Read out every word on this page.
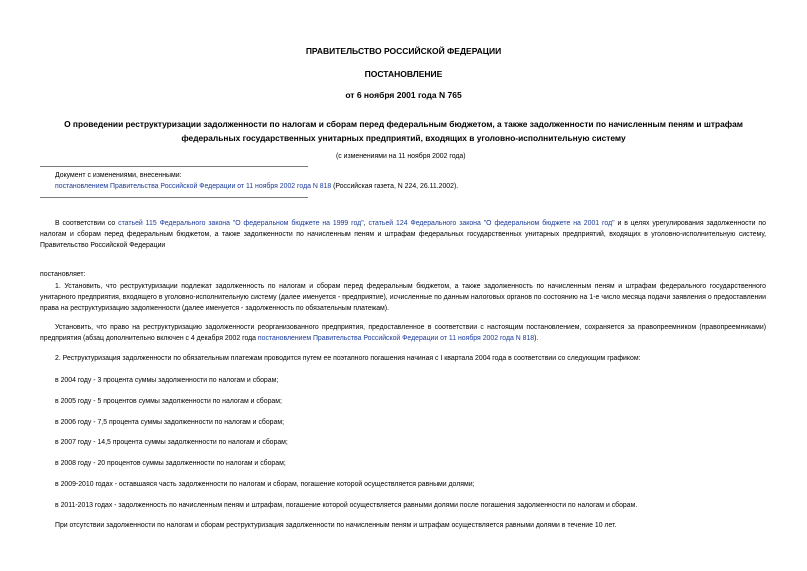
ПРАВИТЕЛЬСТВО РОССИЙСКОЙ ФЕДЕРАЦИИ
ПОСТАНОВЛЕНИЕ
от 6 ноября 2001 года N 765
О проведении реструктуризации задолженности по налогам и сборам перед федеральным бюджетом, а также задолженности по начисленным пеням и штрафам
федеральных государственных унитарных предприятий, входящих в уголовно-исполнительную систему
(с изменениями на 11 ноября 2002 года)
Документ с изменениями, внесенными:
постановлением Правительства Российской Федерации от 11 ноября 2002 года N 818 (Российская газета, N 224, 26.11.2002).
В соответствии со статьей 115 Федерального закона "О федеральном бюджете на 1999 год", статьей 124 Федерального закона "О федеральном бюджете на 2001 год" и в целях урегулирования задолженности по налогам и сборам перед федеральным бюджетом, а также задолженности по начисленным пеням и штрафам федеральных государственных унитарных предприятий, входящих в уголовно-исполнительную систему, Правительство Российской Федерации
постановляет:
1. Установить, что реструктуризации подлежат задолженность по налогам и сборам перед федеральным бюджетом, а также задолженность по начисленным пеням и штрафам федерального государственного унитарного предприятия, входящего в уголовно-исполнительную систему (далее именуется - предприятие), исчисленные по данным налоговых органов по состоянию на 1-е число месяца подачи заявления о предоставлении права на реструктуризацию задолженности (далее именуется - задолженность по обязательным платежам).
Установить, что право на реструктуризацию задолженности реорганизованного предприятия, предоставленное в соответствии с настоящим постановлением, сохраняется за правопреемником (правопреемниками) предприятия (абзац дополнительно включен с 4 декабря 2002 года постановлением Правительства Российской Федерации от 11 ноября 2002 года N 818).
2. Реструктуризация задолженности по обязательным платежам проводится путем ее поэтапного погашения начиная с I квартала 2004 года в соответствии со следующим графиком:
в 2004 году - 3 процента суммы задолженности по налогам и сборам;
в 2005 году - 5 процентов суммы задолженности по налогам и сборам;
в 2006 году - 7,5 процента суммы задолженности по налогам и сборам;
в 2007 году - 14,5 процента суммы задолженности по налогам и сборам;
в 2008 году - 20 процентов суммы задолженности по налогам и сборам;
в 2009-2010 годах - оставшаяся часть задолженности по налогам и сборам, погашение которой осуществляется равными долями;
в 2011-2013 годах - задолженность по начисленным пеням и штрафам, погашение которой осуществляется равными долями после погашения задолженности по налогам и сборам.
При отсутствии задолженности по налогам и сборам реструктуризация задолженности по начисленным пеням и штрафам осуществляется равными долями в течение 10 лет.
